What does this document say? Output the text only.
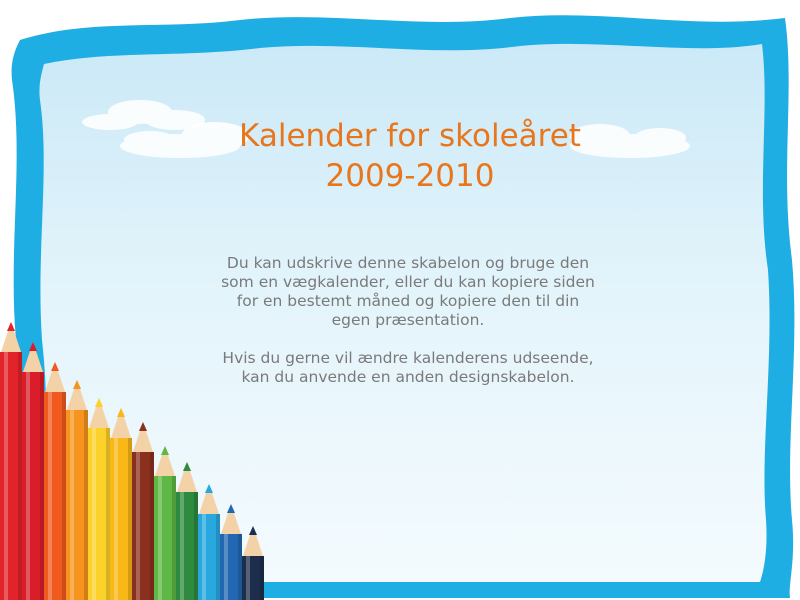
Kalender for skoleåret
2009-2010
Du kan udskrive denne skabelon og bruge den
som en vægkalender, eller du kan kopiere siden
for en bestemt måned og kopiere den til din
egen præsentation.
Hvis du gerne vil ændre kalenderens udseende,
kan du anvende en anden designskabelon.
